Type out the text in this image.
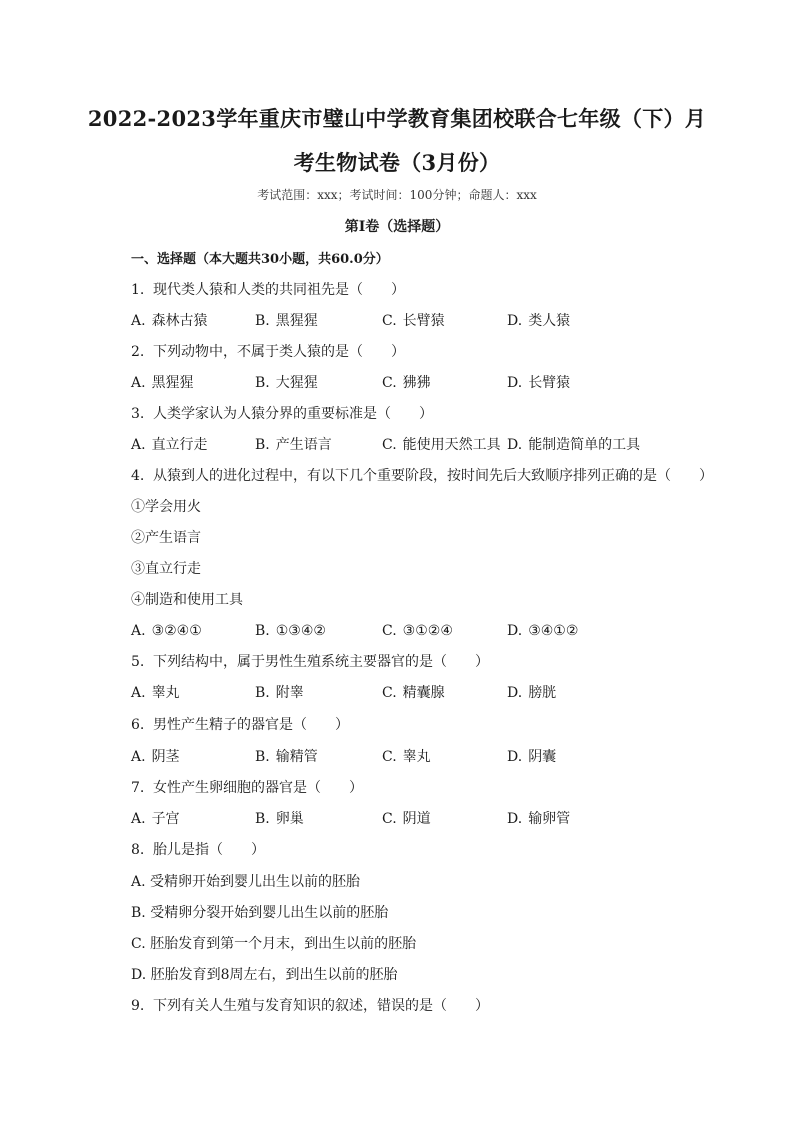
2022-2023学年重庆市璧山中学教育集团校联合七年级（下）月
考生物试卷（3月份）
考试范围：xxx；考试时间：100分钟；命题人：xxx
第I卷（选择题）
一、选择题（本大题共30小题，共60.0分）
1. 现代类人猿和人类的共同祖先是（　　）
A. 森林古猿	B. 黑猩猩	C. 长臂猿	D. 类人猿
2. 下列动物中，不属于类人猿的是（　　）
A. 黑猩猩	B. 大猩猩	C. 狒狒	D. 长臂猿
3. 人类学家认为人猿分界的重要标准是（　　）
A. 直立行走	B. 产生语言	C. 能使用天然工具 D. 能制造简单的工具
4. 从猿到人的进化过程中，有以下几个重要阶段，按时间先后大致顺序排列正确的是（　　）
①学会用火
②产生语言
③直立行走
④制造和使用工具
A. ③②④①	B. ①③④②	C. ③①②④	D. ③④①②
5. 下列结构中，属于男性生殖系统主要器官的是（　　）
A. 睾丸	B. 附睾	C. 精囊腺	D. 膀胱
6. 男性产生精子的器官是（　　）
A. 阴茎	B. 输精管	C. 睾丸	D. 阴囊
7. 女性产生卵细胞的器官是（　　）
A. 子宫	B. 卵巢	C. 阴道	D. 输卵管
8. 胎儿是指（　　）
A. 受精卵开始到婴儿出生以前的胚胎
B. 受精卵分裂开始到婴儿出生以前的胚胎
C. 胚胎发育到第一个月末，到出生以前的胚胎
D. 胚胎发育到8周左右，到出生以前的胚胎
9. 下列有关人生殖与发育知识的叙述，错误的是（　　）
